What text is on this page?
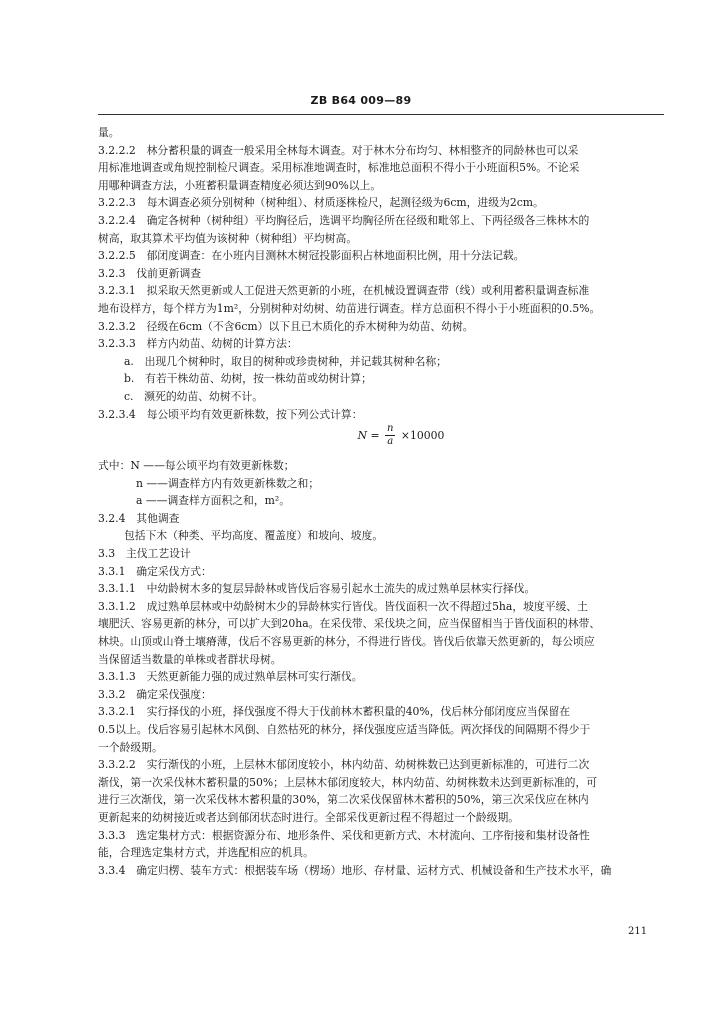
ZB B64 009—89
量。
3.2.2.2　林分蓄积量的调查一般采用全林每木调查。对于林木分布均匀、林相整齐的同龄林也可以采
用标准地调查或角规控制检尺调查。采用标准地调查时，标准地总面积不得小于小班面积5%。不论采
用哪种调查方法，小班蓄积量调查精度必须达到90%以上。
3.2.2.3　每木调查必须分别树种（树种组）、材质逐株检尺，起测径级为6cm，进级为2cm。
3.2.2.4　确定各树种（树种组）平均胸径后，选调平均胸径所在径级和毗邻上、下两径级各三株林木的
树高，取其算术平均值为该树种（树种组）平均树高。
3.2.2.5　郁闭度调查：在小班内目测林木树冠投影面积占林地面积比例，用十分法记载。
3.2.3　伐前更新调查
3.2.3.1　拟采取天然更新或人工促进天然更新的小班，在机械设置调查带（线）或利用蓄积量调查标准
地布设样方，每个样方为1m²，分别树种对幼树、幼苗进行调查。样方总面积不得小于小班面积的0.5%。
3.2.3.2　径级在6cm（不含6cm）以下且已木质化的乔木树种为幼苗、幼树。
3.2.3.3　样方内幼苗、幼树的计算方法：
a.　出现几个树种时，取目的树种或珍贵树种，并记载其树种名称；
b.　有若干株幼苗、幼树，按一株幼苗或幼树计算；
c.　濒死的幼苗、幼树不计。
3.2.3.4　每公顷平均有效更新株数，按下列公式计算：
$N = \frac{n}{a} \times 10000$
式中：N ——每公顷平均有效更新株数；
n ——调查样方内有效更新株数之和；
a ——调查样方面积之和，m²。
3.2.4　其他调查
包括下木（种类、平均高度、覆盖度）和坡向、坡度。
3.3　主伐工艺设计
3.3.1　确定采伐方式：
3.3.1.1　中幼龄树木多的复层异龄林或皆伐后容易引起水土流失的成过熟单层林实行择伐。
3.3.1.2　成过熟单层林或中幼龄树木少的异龄林实行皆伐。皆伐面积一次不得超过5ha，坡度平缓、土
壤肥沃、容易更新的林分，可以扩大到20ha。在采伐带、采伐块之间，应当保留相当于皆伐面积的林带、
林块。山顶或山脊土壤瘠薄，伐后不容易更新的林分，不得进行皆伐。皆伐后依靠天然更新的，每公顷应
当保留适当数量的单株或者群状母树。
3.3.1.3　天然更新能力强的成过熟单层林可实行渐伐。
3.3.2　确定采伐强度：
3.3.2.1　实行择伐的小班，择伐强度不得大于伐前林木蓄积量的40%，伐后林分郁闭度应当保留在
0.5以上。伐后容易引起林木风倒、自然枯死的林分，择伐强度应适当降低。两次择伐的间隔期不得少于
一个龄级期。
3.3.2.2　实行渐伐的小班，上层林木郁闭度较小，林内幼苗、幼树株数已达到更新标准的，可进行二次
渐伐，第一次采伐林木蓄积量的50%；上层林木郁闭度较大，林内幼苗、幼树株数未达到更新标准的，可
进行三次渐伐，第一次采伐林木蓄积量的30%，第二次采伐保留林木蓄积的50%，第三次采伐应在林内
更新起来的幼树接近或者达到郁闭状态时进行。全部采伐更新过程不得超过一个龄级期。
3.3.3　选定集材方式：根据资源分布、地形条件、采伐和更新方式、木材流向、工序衔接和集材设备性
能，合理选定集材方式，并选配相应的机具。
3.3.4　确定归楞、装车方式：根据装车场（楞场）地形、存材量、运材方式、机械设备和生产技术水平，确
211
